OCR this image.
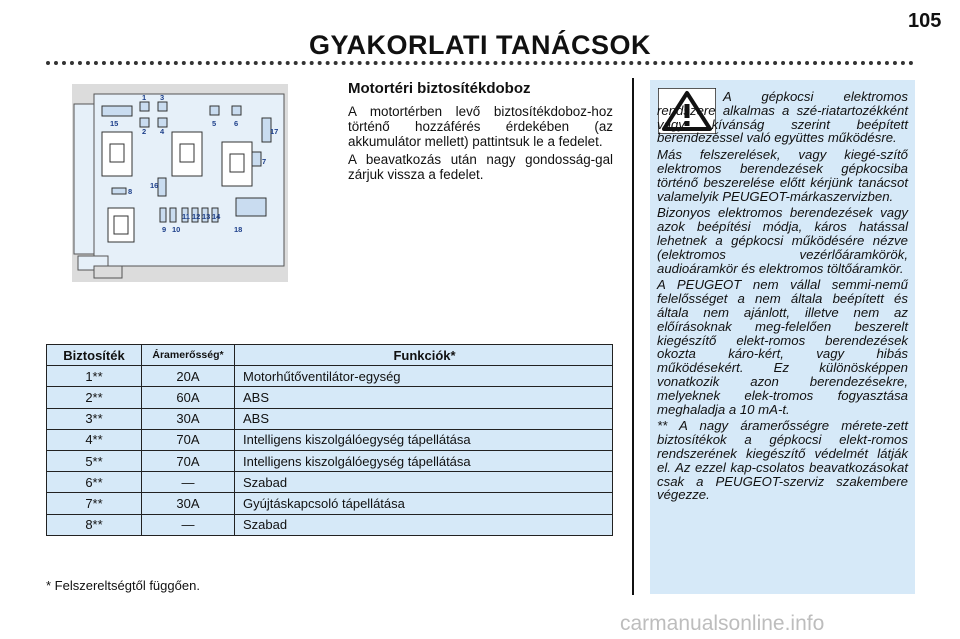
105
GYAKORLATI TANÁCSOK
1
2
3
4
5 6
7
8
9 10
11 12 13 14
15
16
17
18
Motortéri biztosítékdoboz

A motortérben levő biztosítékdoboz-hoz történő hozzáférés érdekében (az akkumulátor mellett) pattintsuk le a fedelet.

A beavatkozás után nagy gondosság-gal zárjuk vissza a fedelet.

Biztosíték	Áramerősség*	Funkciók*
1**	20A	Motorhűtőventilátor-egység
2**	60A	ABS
3**	30A	ABS
4**	70A	Intelligens kiszolgálóegység tápellátása
5**	70A	Intelligens kiszolgálóegység tápellátása
6**	—	Szabad
7**	30A	Gyújtáskapcsoló tápellátása
8**	—	Szabad
* Felszereltségtől függően.

A gépkocsi elektromos rendszere alkalmas a szé-riatartozékként vagy kívánság szerint beépített berendezéssel való együttes működésre.

Más felszerelések, vagy kiegé-szítő elektromos berendezések gépkocsiba történő beszerelése előtt kérjünk tanácsot valamelyik PEUGEOT-márkaszervizben.

Bizonyos elektromos berendezések vagy azok beépítési módja, káros hatással lehetnek a gépkocsi működésére nézve (elektromos vezérlőáramkörök, audioáramkör és elektromos töltőáramkör.

A PEUGEOT nem vállal semmi-nemű felelősséget a nem általa beépített és általa nem ajánlott, illetve nem az előírásoknak meg-felelően beszerelt kiegészítő elekt-romos berendezések okozta káro-kért, vagy hibás működésekért. Ez különösképpen vonatkozik azon berendezésekre, melyeknek elek-tromos fogyasztása meghaladja a 10 mA-t.

** A nagy áramerősségre mérete-zett biztosítékok a gépkocsi elekt-romos rendszerének kiegészítő védelmét látják el. Az ezzel kap-csolatos beavatkozásokat csak a PEUGEOT-szerviz szakembere végezze.

carmanualsonline.info
